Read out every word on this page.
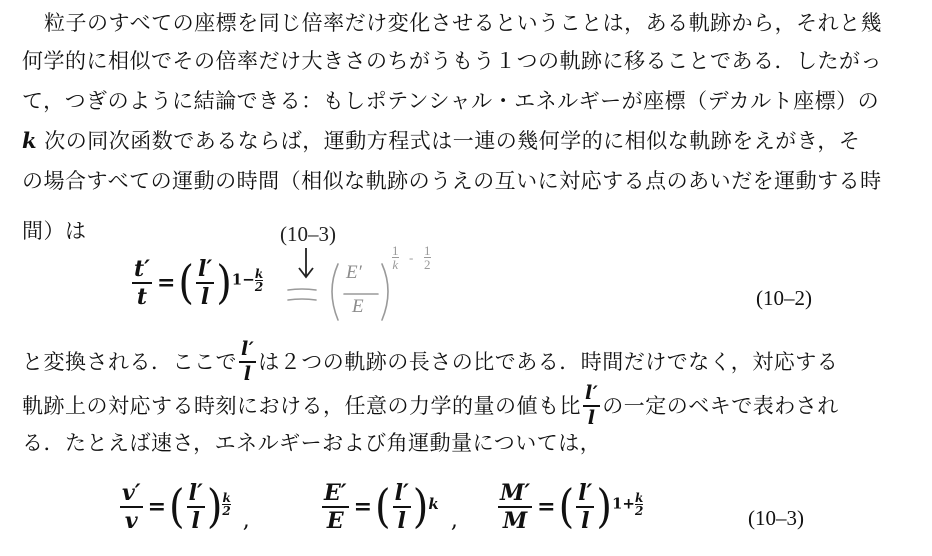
粒子のすべての座標を同じ倍率だけ変化させるということは，ある軌跡から，それと幾
何学的に相似でその倍率だけ大きさのちがうもう１つの軌跡に移ることである．したがっ
て，つぎのように結論できる：もしポテンシャル・エネルギーが座標（デカルト座標）の
k 次の同次函数であるならば，運動方程式は一連の幾何学的に相似な軌跡をえがき，そ
の場合すべての運動の時間（相似な軌跡のうえの互いに対応する点のあいだを運動する時
間）は	(10–3)
$\frac{t'}{t}$ = ( $\frac{l'}{l}$ ) $1- \frac{k}{2}$	E′
E
$\frac{1}{k} - \frac{1}{2}$
(10–2)
と変換される．ここで $\frac{l'}{l}$ は２つの軌跡の長さの比である．時間だけでなく，対応する
軌跡上の対応する時刻における，任意の力学的量の値も比 $\frac{l'}{l}$ の一定のベキで表わされ
る．たとえば速さ，エネルギーおよび角運動量については，
$\frac{v'}{v}$ = ( $\frac{l'}{l}$ ) $\frac{k}{2}$
,	$\frac{E'}{E}$ = ( $\frac{l'}{l}$ ) k
, $\frac{M'}{M}$ = ( $\frac{l'}{l}$ ) $1+ \frac{k}{2}$
(10–3)
